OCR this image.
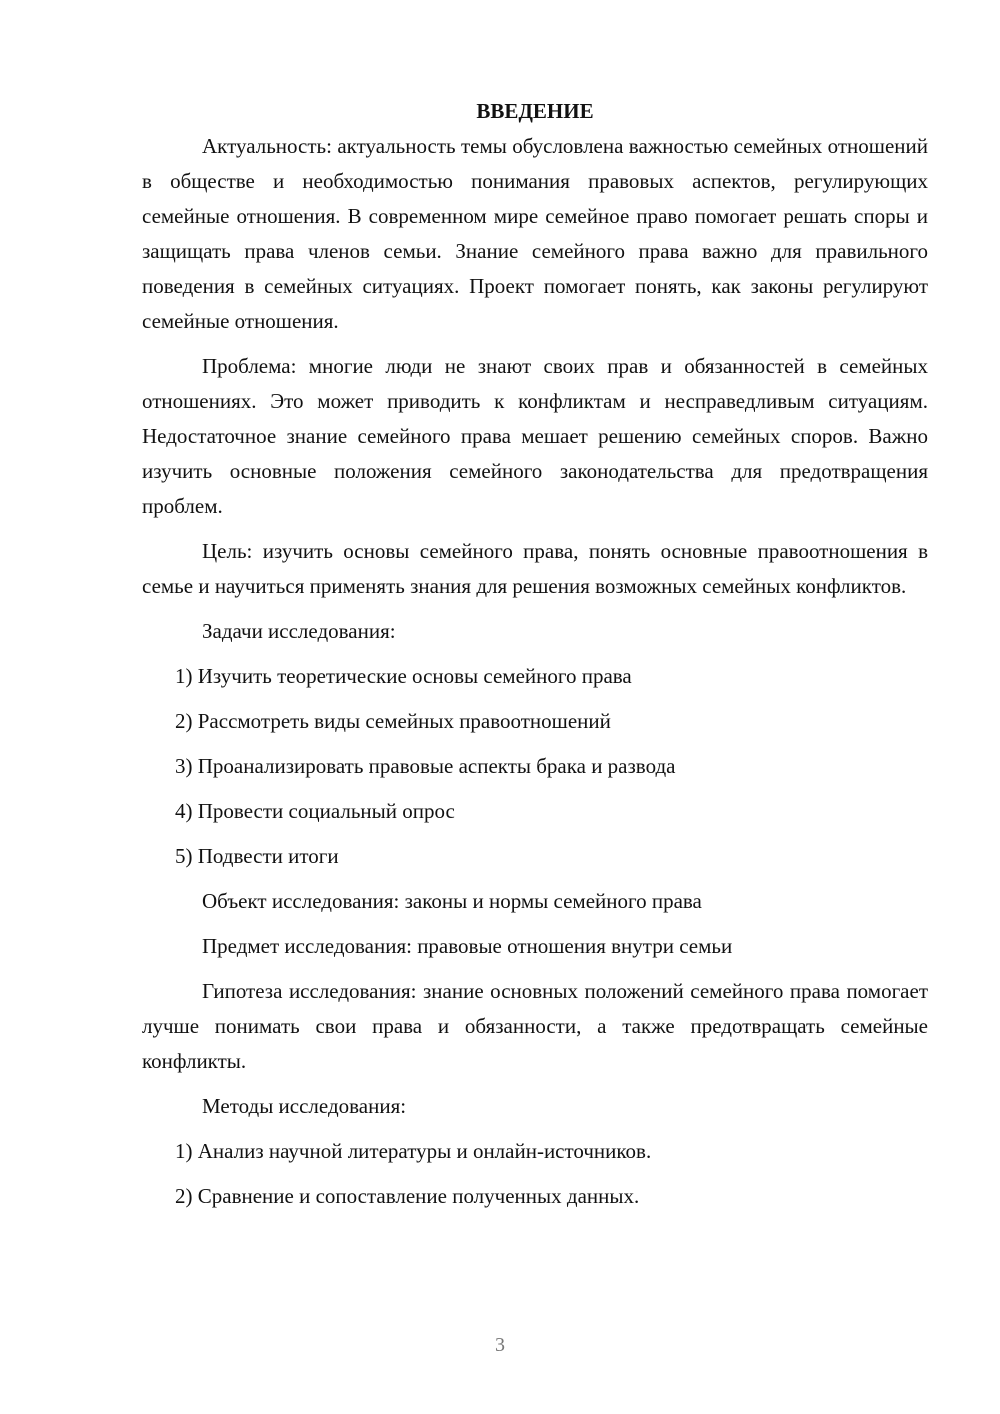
ВВЕДЕНИЕ

Актуальность: актуальность темы обусловлена важностью семейных отношений в обществе и необходимостью понимания правовых аспектов, регулирующих семейные отношения. В современном мире семейное право помогает решать споры и защищать права членов семьи. Знание семейного права важно для правильного поведения в семейных ситуациях. Проект помогает понять, как законы регулируют семейные отношения.

Проблема: многие люди не знают своих прав и обязанностей в семейных отношениях. Это может приводить к конфликтам и несправедливым ситуациям. Недостаточное знание семейного права мешает решению семейных споров. Важно изучить основные положения семейного законодательства для предотвращения проблем.

Цель: изучить основы семейного права, понять основные правоотношения в семье и научиться применять знания для решения возможных семейных конфликтов.

Задачи исследования:
1) Изучить теоретические основы семейного права
2) Рассмотреть виды семейных правоотношений
3) Проанализировать правовые аспекты брака и развода
4) Провести социальный опрос
5) Подвести итоги
Объект исследования: законы и нормы семейного права
Предмет исследования: правовые отношения внутри семьи

Гипотеза исследования: знание основных положений семейного права помогает лучше понимать свои права и обязанности, а также предотвращать семейные конфликты.

Методы исследования:
1) Анализ научной литературы и онлайн-источников.
2) Сравнение и сопоставление полученных данных.
3
